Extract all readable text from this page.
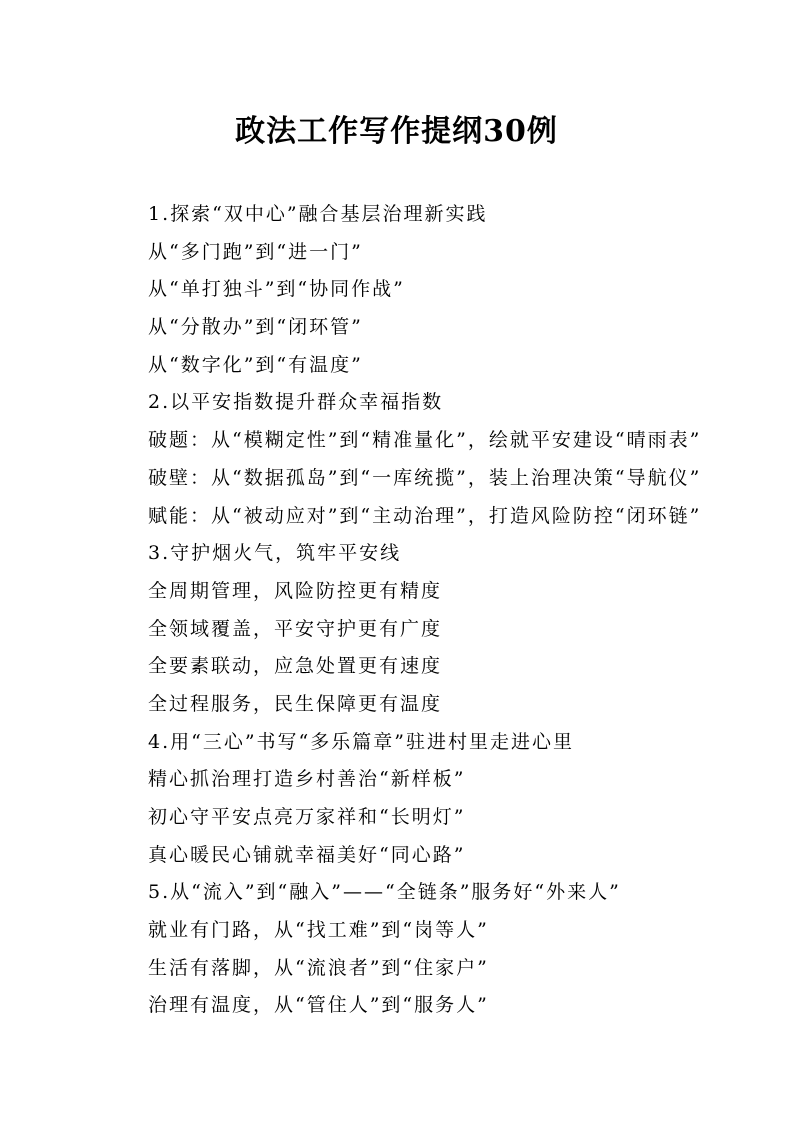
政法工作写作提纲30例
1.探索“双中心”融合基层治理新实践
从“多门跑”到“进一门”
从“单打独斗”到“协同作战”
从“分散办”到“闭环管”
从“数字化”到“有温度”
2.以平安指数提升群众幸福指数
破题：从“模糊定性”到“精准量化”，绘就平安建设“晴雨表”
破壁：从“数据孤岛”到“一库统揽”，装上治理决策“导航仪”
赋能：从“被动应对”到“主动治理”，打造风险防控“闭环链”
3.守护烟火气，筑牢平安线
全周期管理，风险防控更有精度
全领域覆盖，平安守护更有广度
全要素联动，应急处置更有速度
全过程服务，民生保障更有温度
4.用“三心”书写“多乐篇章”驻进村里走进心里
精心抓治理打造乡村善治“新样板”
初心守平安点亮万家祥和“长明灯”
真心暖民心铺就幸福美好“同心路”
5.从“流入”到“融入”——“全链条”服务好“外来人”
就业有门路，从“找工难”到“岗等人”
生活有落脚，从“流浪者”到“住家户”
治理有温度，从“管住人”到“服务人”
